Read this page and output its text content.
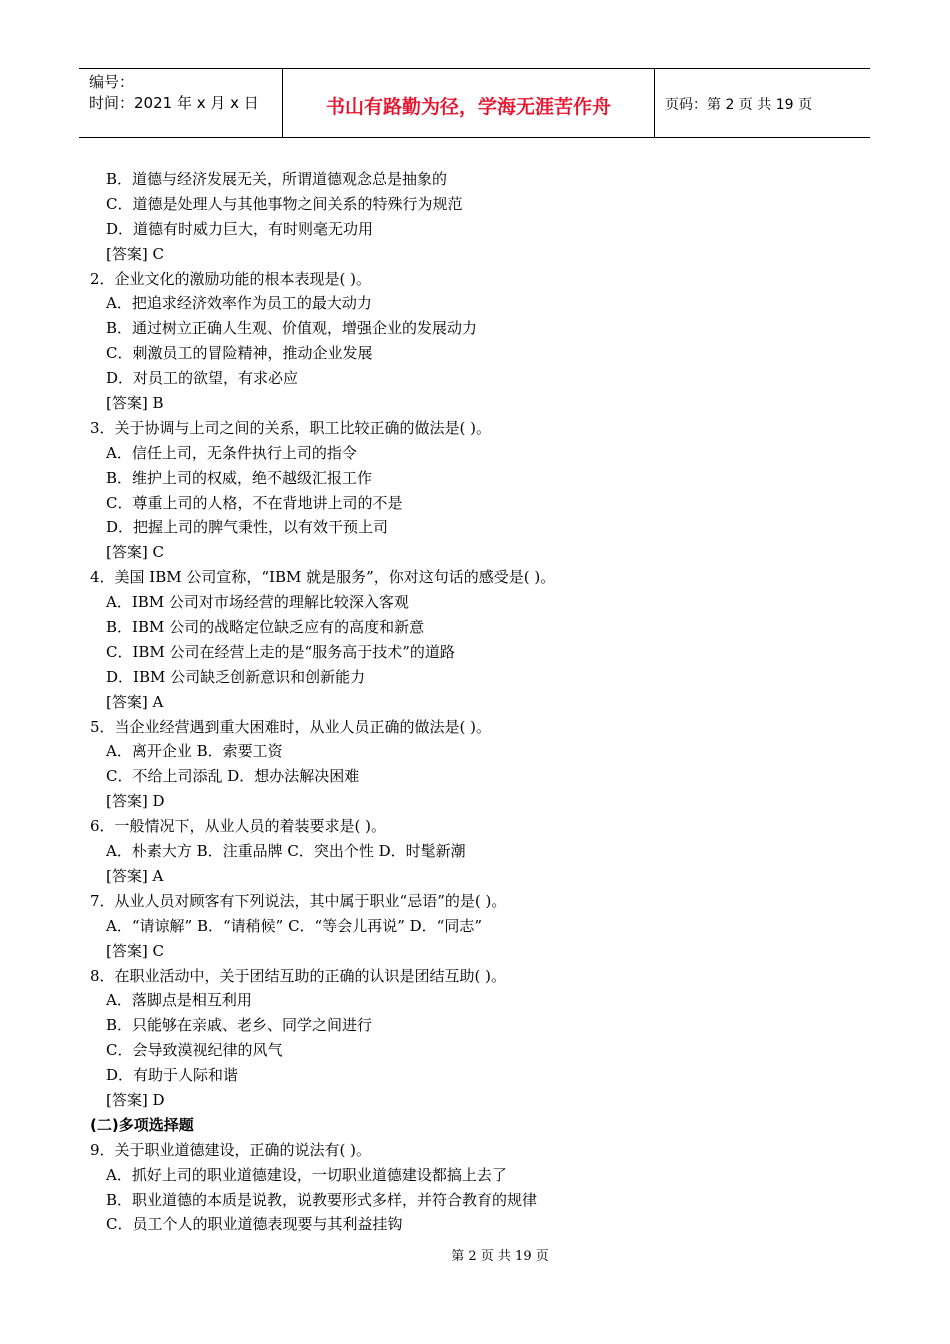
编号：
时间：2021 年 x 月 x 日	书山有路勤为径，学海无涯苦作舟	页码：第 2 页 共 19 页
B．道德与经济发展无关，所谓道德观念总是抽象的
C．道德是处理人与其他事物之间关系的特殊行为规范
D．道德有时威力巨大，有时则毫无功用
[答案] C
2．企业文化的激励功能的根本表现是( )。
A．把追求经济效率作为员工的最大动力
B．通过树立正确人生观、价值观，增强企业的发展动力
C．刺激员工的冒险精神，推动企业发展
D．对员工的欲望，有求必应
[答案] B
3．关于协调与上司之间的关系，职工比较正确的做法是( )。
A．信任上司，无条件执行上司的指令
B．维护上司的权威，绝不越级汇报工作
C．尊重上司的人格，不在背地讲上司的不是
D．把握上司的脾气秉性，以有效干预上司
[答案] C
4．美国 IBM 公司宣称，“IBM 就是服务”，你对这句话的感受是( )。
A．IBM 公司对市场经营的理解比较深入客观
B．IBM 公司的战略定位缺乏应有的高度和新意
C．IBM 公司在经营上走的是“服务高于技术”的道路
D．IBM 公司缺乏创新意识和创新能力
[答案] A
5．当企业经营遇到重大困难时，从业人员正确的做法是( )。
A．离开企业 B．索要工资
C．不给上司添乱 D．想办法解决困难
[答案] D
6．一般情况下，从业人员的着装要求是( )。
A．朴素大方 B．注重品牌 C．突出个性 D．时髦新潮
[答案] A
7．从业人员对顾客有下列说法，其中属于职业“忌语”的是( )。
A．“请谅解” B．“请稍候” C．“等会儿再说” D．“同志”
[答案] C
8．在职业活动中，关于团结互助的正确的认识是团结互助( )。
A．落脚点是相互利用
B．只能够在亲戚、老乡、同学之间进行
C．会导致漠视纪律的风气
D．有助于人际和谐
[答案] D
(二)多项选择题
9．关于职业道德建设，正确的说法有( )。
A．抓好上司的职业道德建设，一切职业道德建设都搞上去了
B．职业道德的本质是说教，说教要形式多样，并符合教育的规律
C．员工个人的职业道德表现要与其利益挂钩
第 2 页 共 19 页
